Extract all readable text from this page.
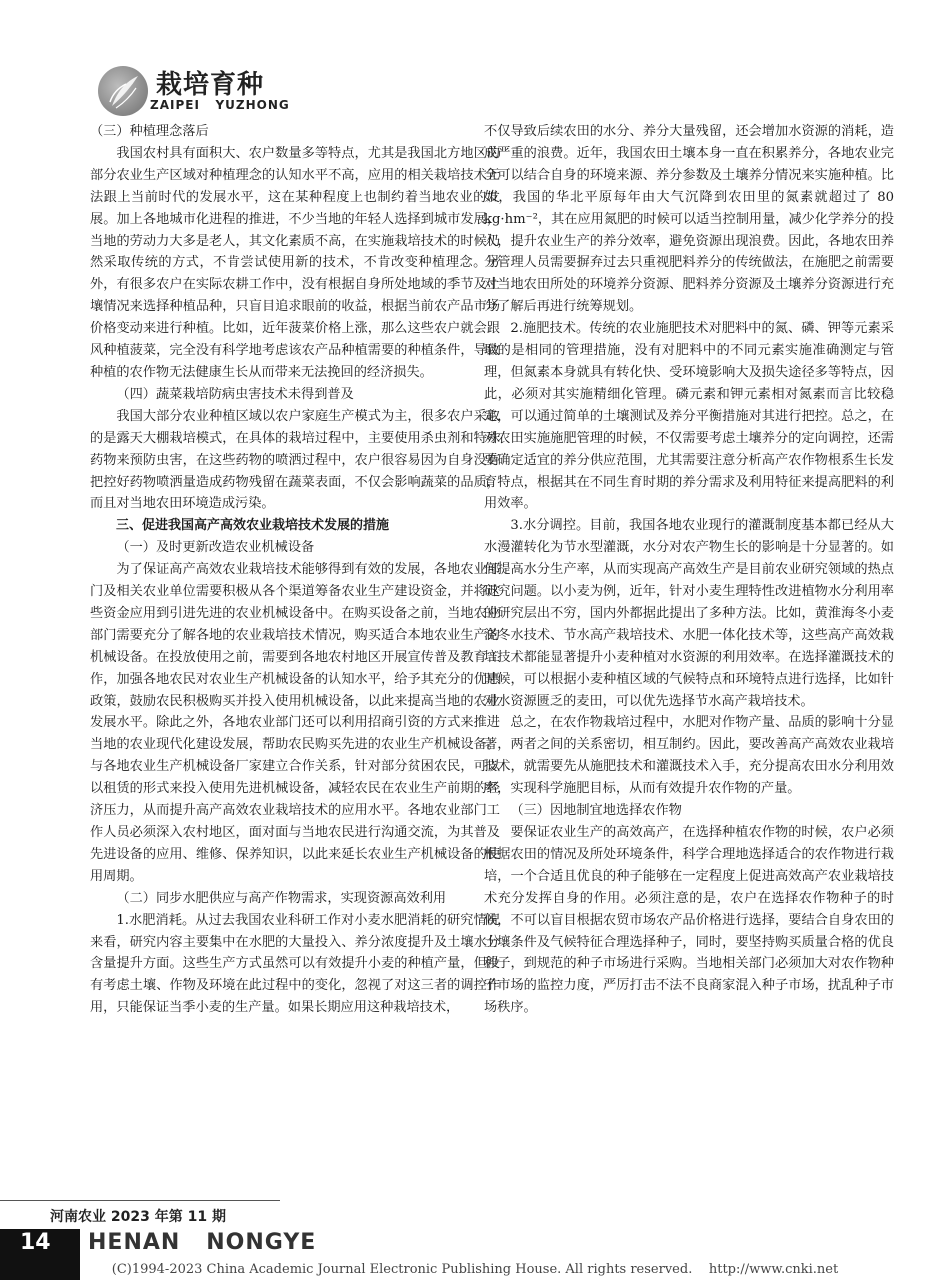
栽培育种
ZAIPEI   YUZHONG

（三）种植理念落后

我国农村具有面积大、农户数量多等特点，尤其是我国北方地区的部分农业生产区域对种植理念的认知水平不高，应用的相关栽培技术无法跟上当前时代的发展水平，这在某种程度上也制约着当地农业的发展。加上各地城市化进程的推进，不少当地的年轻人选择到城市发展，当地的劳动力大多是老人，其文化素质不高，在实施栽培技术的时候仍然采取传统的方式，不肯尝试使用新的技术，不肯改变种植理念。另外，有很多农户在实际农耕工作中，没有根据自身所处地域的季节及土壤情况来选择种植品种，只盲目追求眼前的收益，根据当前农产品市场价格变动来进行种植。比如，近年菠菜价格上涨，那么这些农户就会跟风种植菠菜，完全没有科学地考虑该农产品种植需要的种植条件，导致种植的农作物无法健康生长从而带来无法挽回的经济损失。

（四）蔬菜栽培防病虫害技术未得到普及

我国大部分农业种植区域以农户家庭生产模式为主，很多农户采取的是露天大棚栽培模式，在具体的栽培过程中，主要使用杀虫剂和特殊药物来预防虫害，在这些药物的喷洒过程中，农户很容易因为自身没有把控好药物喷洒量造成药物残留在蔬菜表面，不仅会影响蔬菜的品质，而且对当地农田环境造成污染。

三、促进我国高产高效农业栽培技术发展的措施

（一）及时更新改造农业机械设备

为了保证高产高效农业栽培技术能够得到有效的发展，各地农业部门及相关农业单位需要积极从各个渠道筹备农业生产建设资金，并将这些资金应用到引进先进的农业机械设备中。在购买设备之前，当地农业部门需要充分了解各地的农业栽培技术情况，购买适合本地农业生产的机械设备。在投放使用之前，需要到各地农村地区开展宣传普及教育工作，加强各地农民对农业生产机械设备的认知水平，给予其充分的优惠政策，鼓励农民积极购买并投入使用机械设备，以此来提高当地的农业发展水平。除此之外，各地农业部门还可以利用招商引资的方式来推进当地的农业现代化建设发展，帮助农民购买先进的农业生产机械设备。与各地农业生产机械设备厂家建立合作关系，针对部分贫困农民，可以以租赁的形式来投入使用先进机械设备，减轻农民在农业生产前期的经济压力，从而提升高产高效农业栽培技术的应用水平。各地农业部门工作人员必须深入农村地区，面对面与当地农民进行沟通交流，为其普及先进设备的应用、维修、保养知识，以此来延长农业生产机械设备的使用周期。

（二）同步水肥供应与高产作物需求，实现资源高效利用

1.水肥消耗。从过去我国农业科研工作对小麦水肥消耗的研究情况来看，研究内容主要集中在水肥的大量投入、养分浓度提升及土壤水分含量提升方面。这些生产方式虽然可以有效提升小麦的种植产量，但没有考虑土壤、作物及环境在此过程中的变化，忽视了对这三者的调控作用，只能保证当季小麦的生产量。如果长期应用这种栽培技术，

不仅导致后续农田的水分、养分大量残留，还会增加水资源的消耗，造成严重的浪费。近年，我国农田土壤本身一直在积累养分，各地农业完全可以结合自身的环境来源、养分参数及土壤养分情况来实施种植。比如，我国的华北平原每年由大气沉降到农田里的氮素就超过了 80 kg·hm⁻²，其在应用氮肥的时候可以适当控制用量，减少化学养分的投入，提升农业生产的养分效率，避免资源出现浪费。因此，各地农田养分管理人员需要摒弃过去只重视肥料养分的传统做法，在施肥之前需要对当地农田所处的环境养分资源、肥料养分资源及土壤养分资源进行充分了解后再进行统筹规划。

2.施肥技术。传统的农业施肥技术对肥料中的氮、磷、钾等元素采取的是相同的管理措施，没有对肥料中的不同元素实施准确测定与管理，但氮素本身就具有转化快、受环境影响大及损失途径多等特点，因此，必须对其实施精细化管理。磷元素和钾元素相对氮素而言比较稳定，可以通过简单的土壤测试及养分平衡措施对其进行把控。总之，在对农田实施施肥管理的时候，不仅需要考虑土壤养分的定向调控，还需要确定适宜的养分供应范围，尤其需要注意分析高产农作物根系生长发育特点，根据其在不同生育时期的养分需求及利用特征来提高肥料的利用效率。

3.水分调控。目前，我国各地农业现行的灌溉制度基本都已经从大水漫灌转化为节水型灌溉，水分对农产物生长的影响是十分显著的。如何提高水分生产率，从而实现高产高效生产是目前农业研究领域的热点研究问题。以小麦为例，近年，针对小麦生理特性改进植物水分利用率的研究层出不穷，国内外都据此提出了多种方法。比如，黄淮海冬小麦浇冬水技术、节水高产栽培技术、水肥一体化技术等，这些高产高效栽培技术都能显著提升小麦种植对水资源的利用效率。在选择灌溉技术的时候，可以根据小麦种植区域的气候特点和环境特点进行选择，比如针对水资源匮乏的麦田，可以优先选择节水高产栽培技术。

总之，在农作物栽培过程中，水肥对作物产量、品质的影响十分显著，两者之间的关系密切，相互制约。因此，要改善高产高效农业栽培技术，就需要先从施肥技术和灌溉技术入手，充分提高农田水分利用效率，实现科学施肥目标，从而有效提升农作物的产量。

（三）因地制宜地选择农作物

要保证农业生产的高效高产，在选择种植农作物的时候，农户必须根据农田的情况及所处环境条件，科学合理地选择适合的农作物进行栽培，一个合适且优良的种子能够在一定程度上促进高效高产农业栽培技术充分发挥自身的作用。必须注意的是，农户在选择农作物种子的时候，不可以盲目根据农贸市场农产品价格进行选择，要结合自身农田的土壤条件及气候特征合理选择种子，同时，要坚持购买质量合格的优良种子，到规范的种子市场进行采购。当地相关部门必须加大对农作物种子市场的监控力度，严厉打击不法不良商家混入种子市场，扰乱种子市场秩序。

河南农业 2023 年第 11 期
14 HENAN   NONGYE
(C)1994-2023 China Academic Journal Electronic Publishing House. All rights reserved.    http://www.cnki.net
